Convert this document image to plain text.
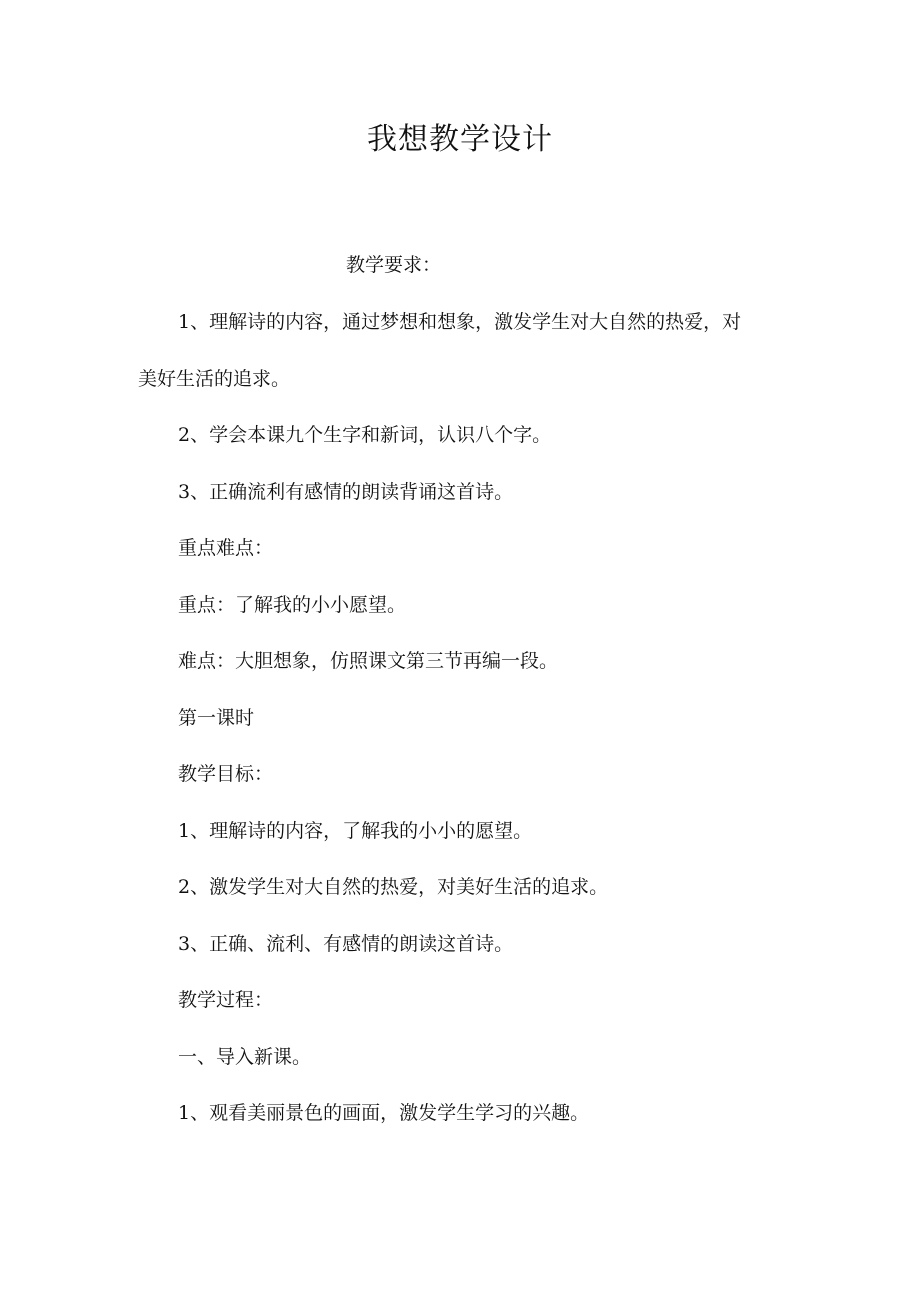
我想教学设计
教学要求：
1、理解诗的内容，通过梦想和想象，激发学生对大自然的热爱，对
美好生活的追求。
2、学会本课九个生字和新词，认识八个字。
3、正确流利有感情的朗读背诵这首诗。
重点难点：
重点：了解我的小小愿望。
难点：大胆想象，仿照课文第三节再编一段。
第一课时
教学目标：
1、理解诗的内容，了解我的小小的愿望。
2、激发学生对大自然的热爱，对美好生活的追求。
3、正确、流利、有感情的朗读这首诗。
教学过程：
一、导入新课。
1、观看美丽景色的画面，激发学生学习的兴趣。
